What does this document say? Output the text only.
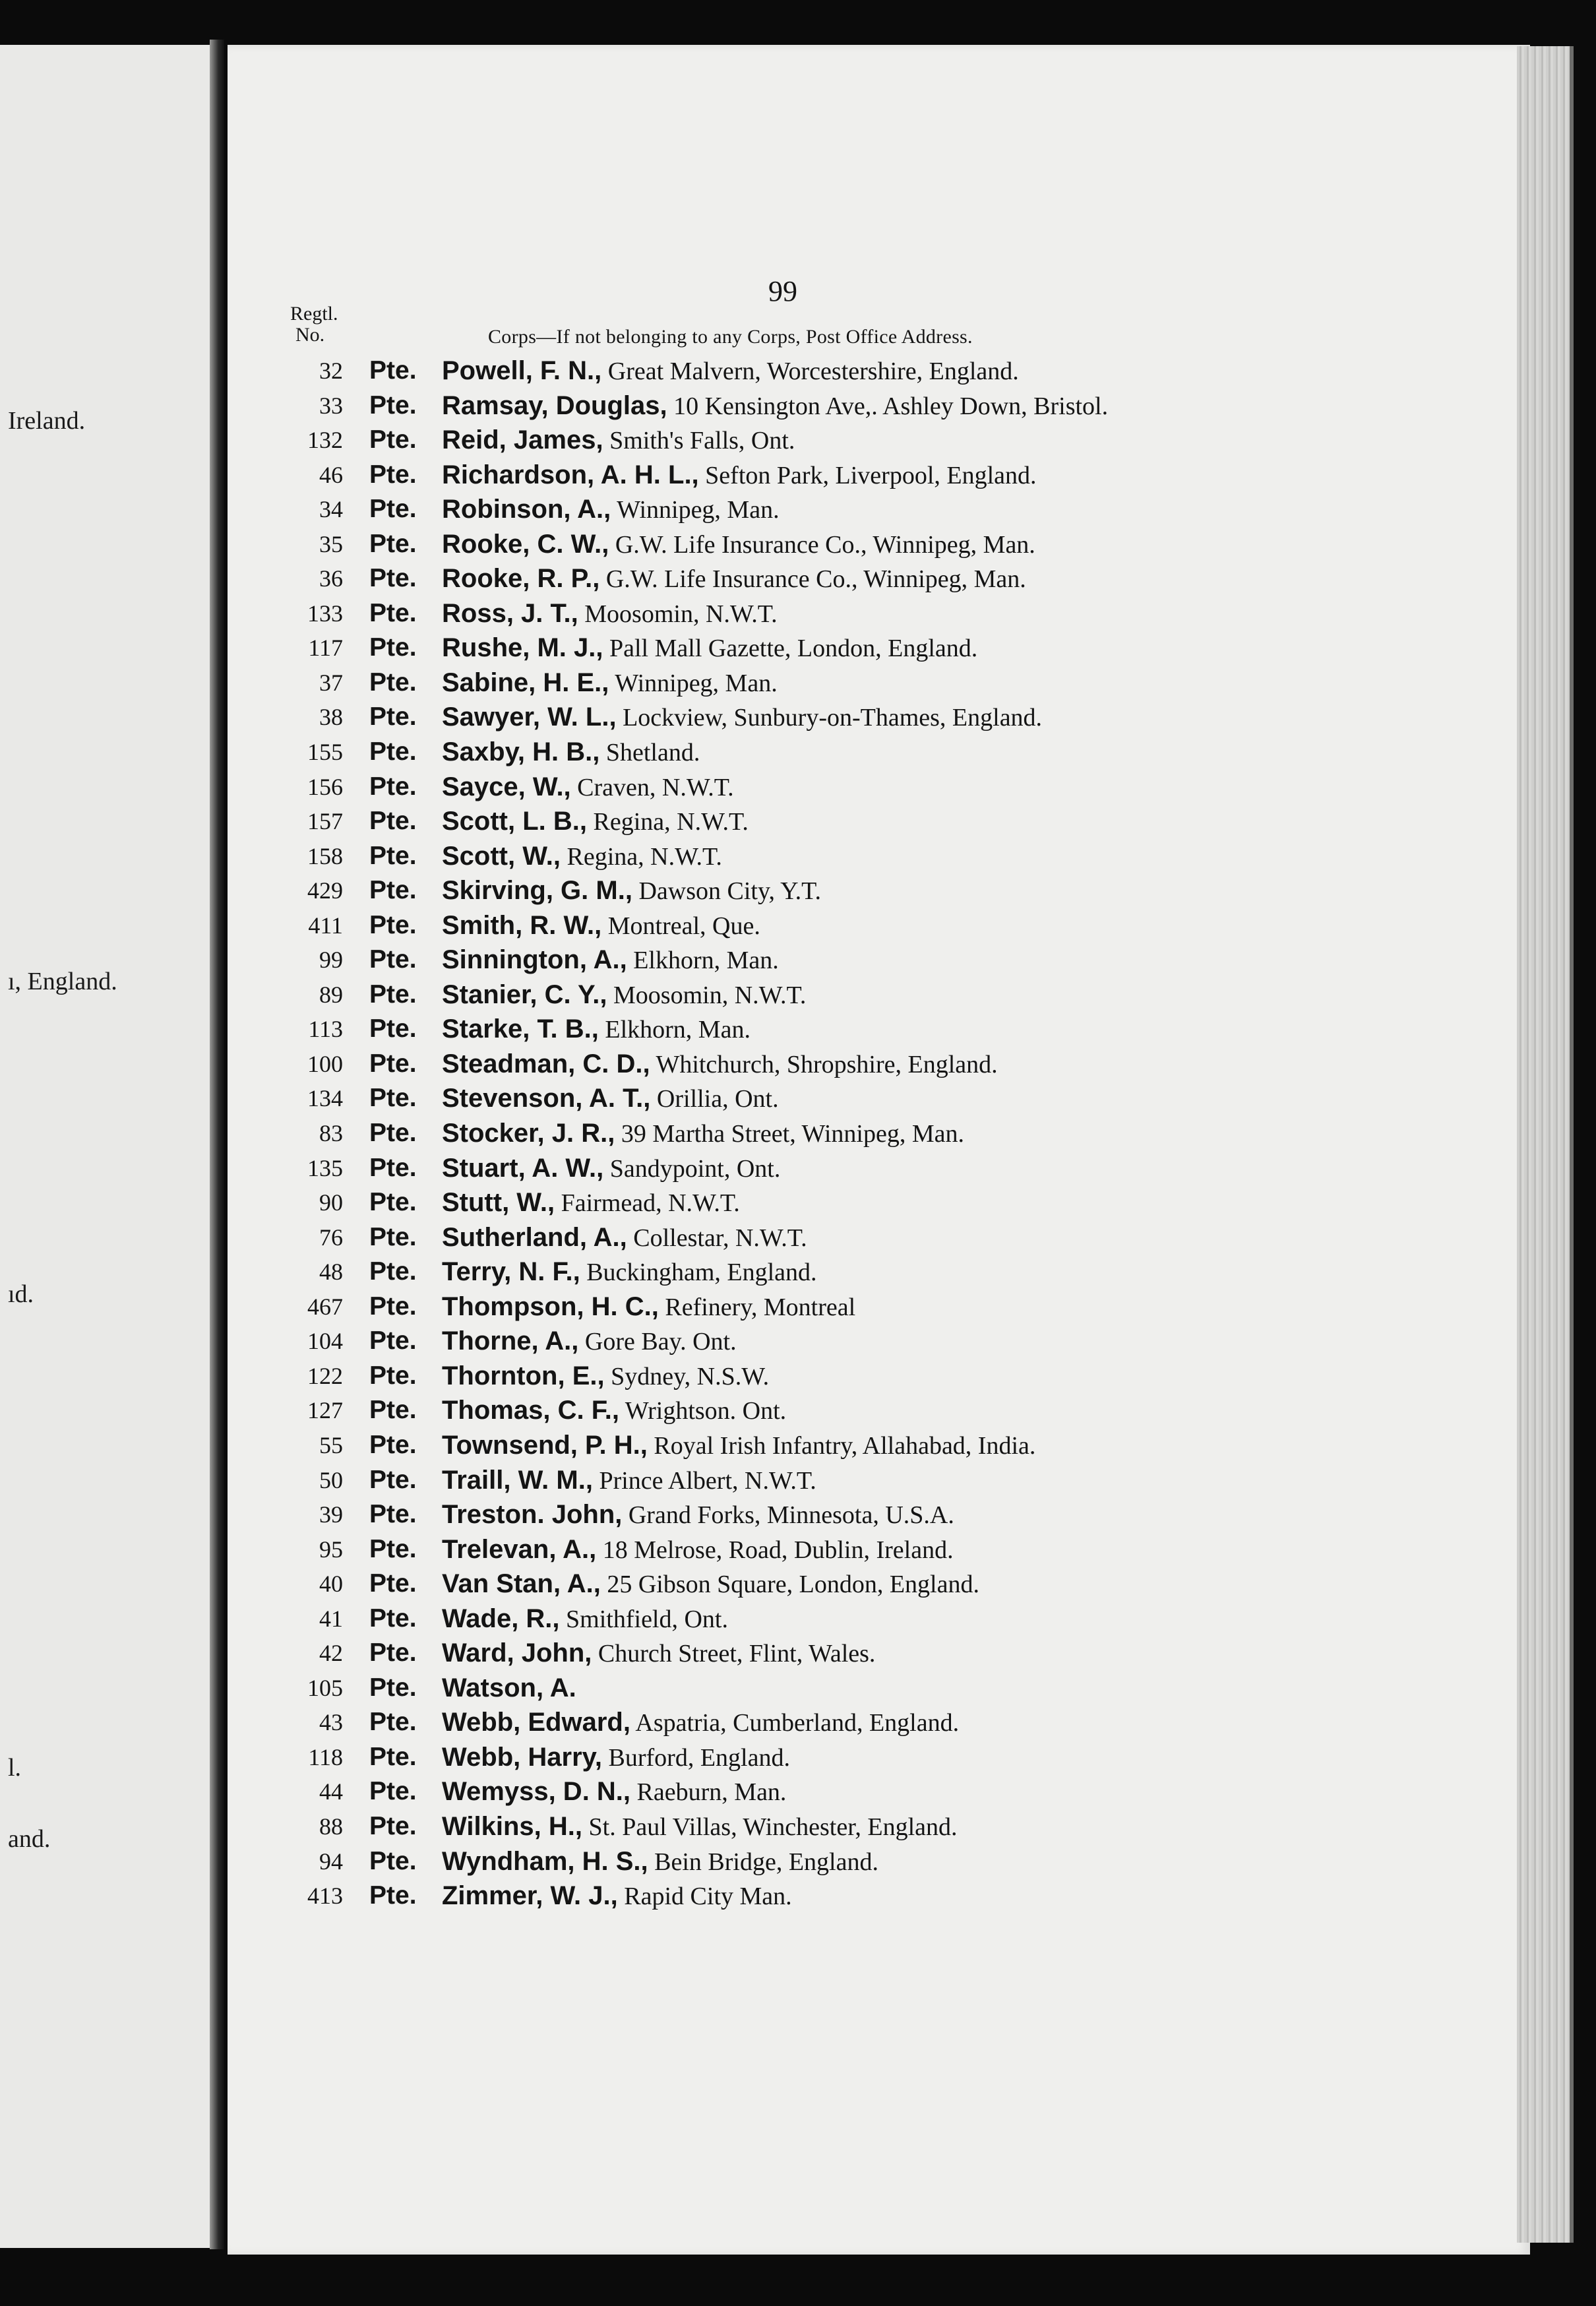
Ireland.
ı, England.
ıd.
l.
and.
99
Regtl.
No.	Corps—If not belonging to any Corps, Post Office Address.
32 Pte. Powell, F. N., Great Malvern, Worcestershire, England.
33 Pte. Ramsay, Douglas, 10 Kensington Ave,. Ashley Down, Bristol.
132 Pte. Reid, James, Smith's Falls, Ont.
46 Pte. Richardson, A. H. L., Sefton Park, Liverpool, England.
34 Pte. Robinson, A., Winnipeg, Man.
35 Pte. Rooke, C. W., G.W. Life Insurance Co., Winnipeg, Man.
36 Pte. Rooke, R. P., G.W. Life Insurance Co., Winnipeg, Man.
133 Pte. Ross, J. T., Moosomin, N.W.T.
117 Pte. Rushe, M. J., Pall Mall Gazette, London, England.
37 Pte. Sabine, H. E., Winnipeg, Man.
38 Pte. Sawyer, W. L., Lockview, Sunbury-on-Thames, England.
155 Pte. Saxby, H. B., Shetland.
156 Pte. Sayce, W., Craven, N.W.T.
157 Pte. Scott, L. B., Regina, N.W.T.
158 Pte. Scott, W., Regina, N.W.T.
429 Pte. Skirving, G. M., Dawson City, Y.T.
411 Pte. Smith, R. W., Montreal, Que.
99 Pte. Sinnington, A., Elkhorn, Man.
89 Pte. Stanier, C. Y., Moosomin, N.W.T.
113 Pte. Starke, T. B., Elkhorn, Man.
100 Pte. Steadman, C. D., Whitchurch, Shropshire, England.
134 Pte. Stevenson, A. T., Orillia, Ont.
83 Pte. Stocker, J. R., 39 Martha Street, Winnipeg, Man.
135 Pte. Stuart, A. W., Sandypoint, Ont.
90 Pte. Stutt, W., Fairmead, N.W.T.
76 Pte. Sutherland, A., Collestar, N.W.T.
48 Pte. Terry, N. F., Buckingham, England.
467 Pte. Thompson, H. C., Refinery, Montreal
104 Pte. Thorne, A., Gore Bay. Ont.
122 Pte. Thornton, E., Sydney, N.S.W.
127 Pte. Thomas, C. F., Wrightson. Ont.
55 Pte. Townsend, P. H., Royal Irish Infantry, Allahabad, India.
50 Pte. Traill, W. M., Prince Albert, N.W.T.
39 Pte. Treston. John, Grand Forks, Minnesota, U.S.A.
95 Pte. Trelevan, A., 18 Melrose, Road, Dublin, Ireland.
40 Pte. Van Stan, A., 25 Gibson Square, London, England.
41 Pte. Wade, R., Smithfield, Ont.
42 Pte. Ward, John, Church Street, Flint, Wales.
105 Pte. Watson, A.
43 Pte. Webb, Edward, Aspatria, Cumberland, England.
118 Pte. Webb, Harry, Burford, England.
44 Pte. Wemyss, D. N., Raeburn, Man.
88 Pte. Wilkins, H., St. Paul Villas, Winchester, England.
94 Pte. Wyndham, H. S., Bein Bridge, England.
413 Pte. Zimmer, W. J., Rapid City Man.
